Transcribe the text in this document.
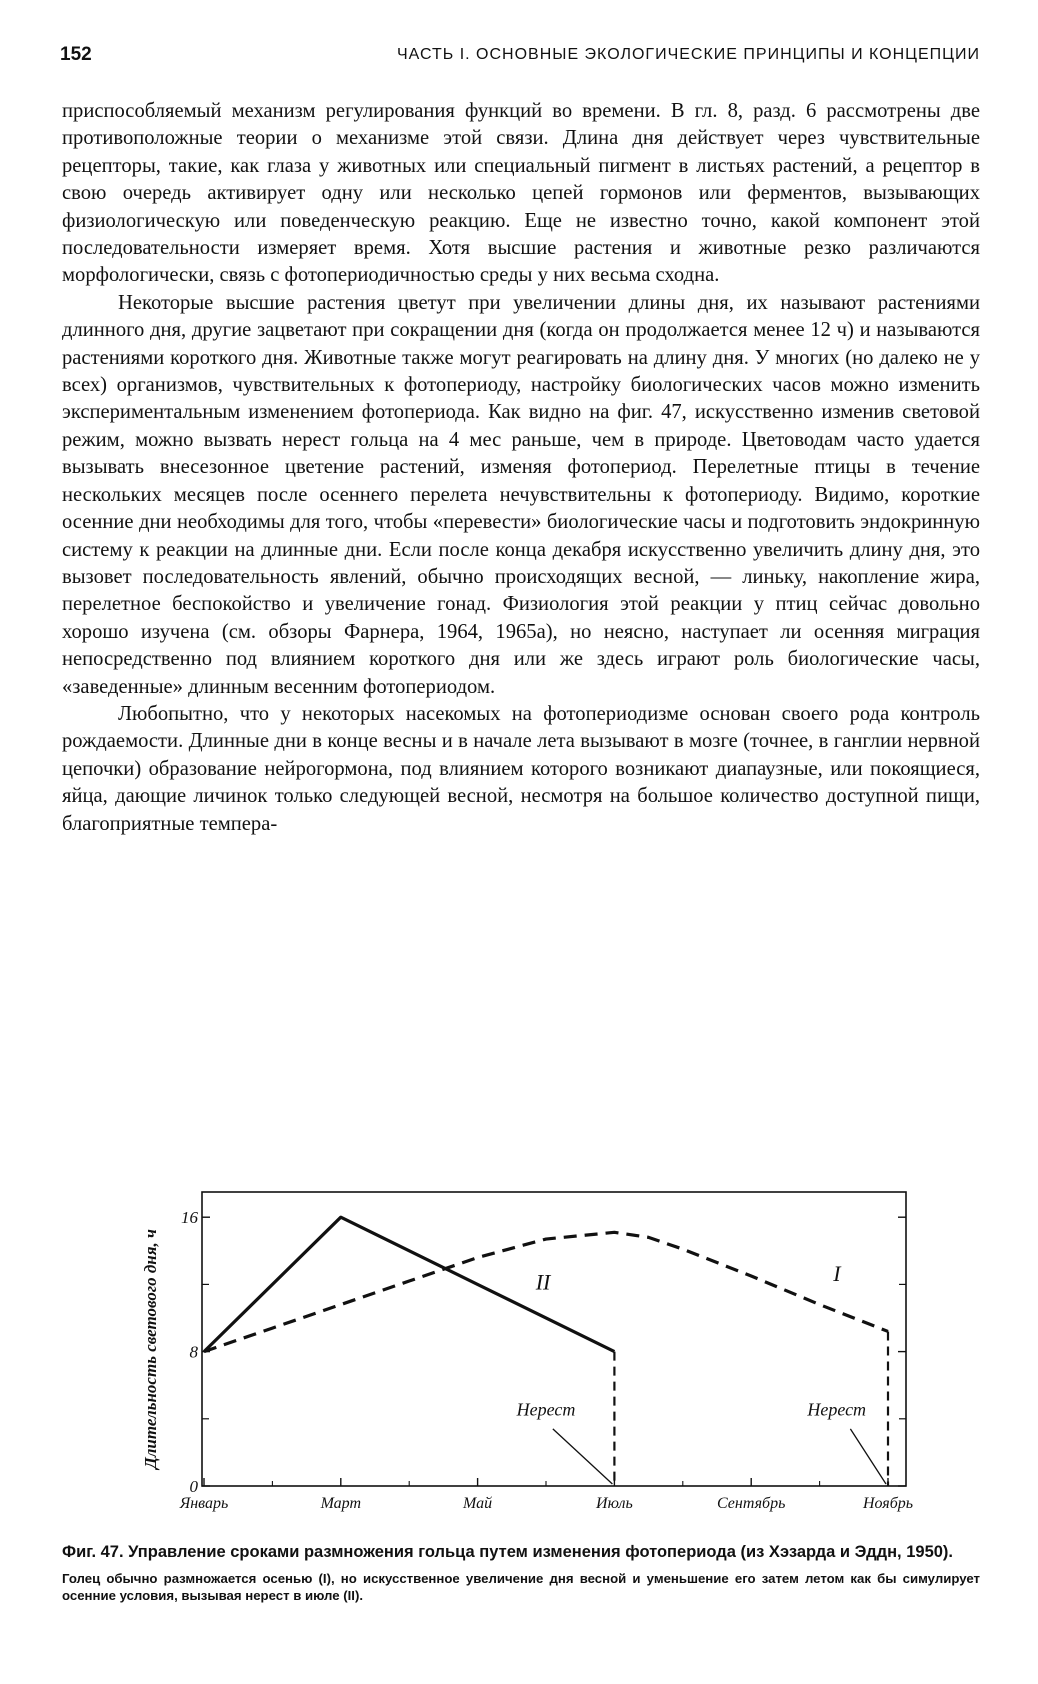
152	ЧАСТЬ I. ОСНОВНЫЕ ЭКОЛОГИЧЕСКИЕ ПРИНЦИПЫ И КОНЦЕПЦИИ

приспособляемый механизм регулирования функций во времени. В гл. 8, разд. 6 рассмотрены две противоположные теории о механизме этой связи. Длина дня действует через чувствительные рецепторы, такие, как глаза у животных или специальный пигмент в листьях растений, а рецептор в свою очередь активирует одну или несколько цепей гормонов или ферментов, вызывающих физиологическую или поведенческую реакцию. Еще не известно точно, какой компонент этой последовательности измеряет время. Хотя высшие растения и животные резко различаются морфологически, связь с фотопериодичностью среды у них весьма сходна.

Некоторые высшие растения цветут при увеличении длины дня, их называют растениями длинного дня, другие зацветают при сокращении дня (когда он продолжается менее 12 ч) и называются растениями короткого дня. Животные также могут реагировать на длину дня. У многих (но далеко не у всех) организмов, чувствительных к фотопериоду, настройку биологических часов можно изменить экспериментальным изменением фотопериода. Как видно на фиг. 47, искусственно изменив световой режим, можно вызвать нерест гольца на 4 мес раньше, чем в природе. Цветоводам часто удается вызывать внесезонное цветение растений, изменяя фотопериод. Перелетные птицы в течение нескольких месяцев после осеннего перелета нечувствительны к фотопериоду. Видимо, короткие осенние дни необходимы для того, чтобы «перевести» биологические часы и подготовить эндокринную систему к реакции на длинные дни. Если после конца декабря искусственно увеличить длину дня, это вызовет последовательность явлений, обычно происходящих весной, — линьку, накопление жира, перелетное беспокойство и увеличение гонад. Физиология этой реакции у птиц сейчас довольно хорошо изучена (см. обзоры Фарнера, 1964, 1965а), но неясно, наступает ли осенняя миграция непосредственно под влиянием короткого дня или же здесь играют роль биологические часы, «заведенные» длинным весенним фотопериодом.

Любопытно, что у некоторых насекомых на фотопериодизме основан своего рода контроль рождаемости. Длинные дни в конце весны и в начале лета вызывают в мозге (точнее, в ганглии нервной цепочки) образование нейрогормона, под влиянием которого возникают диапаузные, или покоящиеся, яйца, дающие личинок только следующей весной, несмотря на большое количество доступной пищи, благоприятные темпера-

0
8
16
Январь	Март	Май	Июль	Сентябрь	Ноябрь
Длительность светового дня, ч	I
II
Нерест	Нерест

Фиг. 47. Управление сроками размножения гольца путем изменения фотопериода (из Хэзарда и Эддн, 1950).

Голец обычно размножается осенью (I), но искусственное увеличение дня весной и уменьшение его затем летом как бы симулирует осенние условия, вызывая нерест в июле (II).
